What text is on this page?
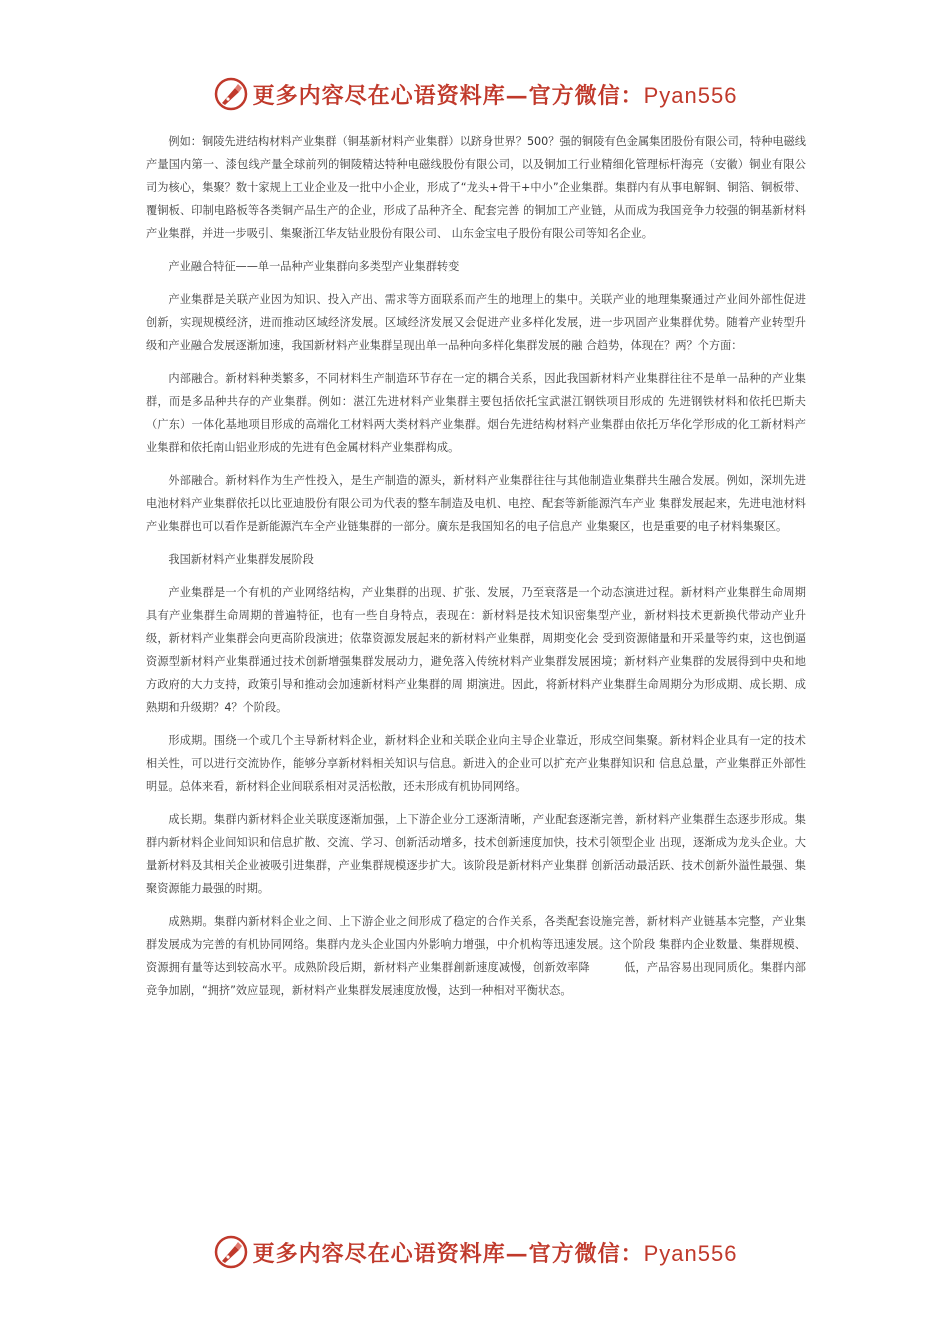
更多内容尽在心语资料库—官方微信：Pyan556

例如：铜陵先进结构材料产业集群（铜基新材料产业集群）以跻身世界？500？强的铜陵有色金属集团股份有限公司，特种电磁线产量国内第一、漆包线产量全球前列的铜陵精达特种电磁线股份有限公司，以及铜加工行业精细化管理标杆海亮（安徽）铜业有限公司为核心，集聚？数十家规上工业企业及一批中小企业，形成了“龙头+骨干+中小”企业集群。集群内有从事电解铜、铜箔、铜板带、覆铜板、印制电路板等各类铜产品生产的企业，形成了品种齐全、配套完善 的铜加工产业链，从而成为我国竞争力较强的铜基新材料产业集群，并进一步吸引、集聚浙江华友钴业股份有限公司、 山东金宝电子股份有限公司等知名企业。

产业融合特征——单一品种产业集群向多类型产业集群转变

产业集群是关联产业因为知识、投入产出、需求等方面联系而产生的地理上的集中。关联产业的地理集聚通过产业间外部性促进创新，实现规模经济，进而推动区域经济发展。区域经济发展又会促进产业多样化发展，进一步巩固产业集群优势。随着产业转型升级和产业融合发展逐渐加速，我国新材料产业集群呈现出单一品种向多样化集群发展的融 合趋势，体现在？两？个方面：

内部融合。新材料种类繁多，不同材料生产制造环节存在一定的耦合关系，因此我国新材料产业集群往往不是单一品种的产业集群，而是多品种共存的产业集群。例如：湛江先进材料产业集群主要包括依托宝武湛江钢铁项目形成的 先进钢铁材料和依托巴斯夫（广东）一体化基地项目形成的高端化工材料两大类材料产业集群。烟台先进结构材料产业集群由依托万华化学形成的化工新材料产业集群和依托南山铝业形成的先进有色金属材料产业集群构成。

外部融合。新材料作为生产性投入，是生产制造的源头，新材料产业集群往往与其他制造业集群共生融合发展。例如，深圳先进电池材料产业集群依托以比亚迪股份有限公司为代表的整车制造及电机、电控、配套等新能源汽车产业 集群发展起来，先进电池材料产业集群也可以看作是新能源汽车全产业链集群的一部分。廣东是我国知名的电子信息产 业集聚区，也是重要的电子材料集聚区。

我国新材料产业集群发展阶段

产业集群是一个有机的产业网络结构，产业集群的出现、扩张、发展，乃至衰落是一个动态演进过程。新材料产业集群生命周期具有产业集群生命周期的普遍特征，也有一些自身特点，表现在：新材料是技术知识密集型产业，新材料技术更新换代带动产业升级，新材料产业集群会向更高阶段演进；依靠资源发展起来的新材料产业集群，周期变化会 受到资源储量和开采量等约束，这也倒逼资源型新材料产业集群通过技术创新增强集群发展动力，避免落入传统材料产业集群发展困境；新材料产业集群的发展得到中央和地方政府的大力支持，政策引导和推动会加速新材料产业集群的周 期演进。因此，将新材料产业集群生命周期分为形成期、成长期、成熟期和升级期？4？个阶段。

形成期。围绕一个或几个主导新材料企业，新材料企业和关联企业向主导企业靠近，形成空间集聚。新材料企业具有一定的技术相关性，可以进行交流协作，能够分享新材料相关知识与信息。新进入的企业可以扩充产业集群知识和 信息总量，产业集群正外部性明显。总体来看，新材料企业间联系相对灵活松散，还未形成有机协同网络。

成长期。集群内新材料企业关联度逐渐加强，上下游企业分工逐渐清晰，产业配套逐渐完善，新材料产业集群生态逐步形成。集群内新材料企业间知识和信息扩散、交流、学习、创新活动增多，技术创新速度加快，技术引领型企业 出现，逐渐成为龙头企业。大量新材料及其相关企业被吸引进集群，产业集群规模逐步扩大。该阶段是新材料产业集群 创新活动最活跃、技术创新外溢性最强、集聚资源能力最强的时期。

成熟期。集群内新材料企业之间、上下游企业之间形成了稳定的合作关系，各类配套设施完善，新材料产业链基本完整，产业集群发展成为完善的有机协同网络。集群内龙头企业国内外影响力增强，中介机构等迅速发展。这个阶段 集群内企业数量、集群规模、资源拥有量等达到较高水平。成熟阶段后期，新材料产业集群創新速度减慢，创新效率降　　　低，产品容易出现同质化。集群内部竞争加剧，“拥挤”效应显现，新材料产业集群发展速度放慢，达到一种相对平衡状态。

更多内容尽在心语资料库—官方微信：Pyan556
